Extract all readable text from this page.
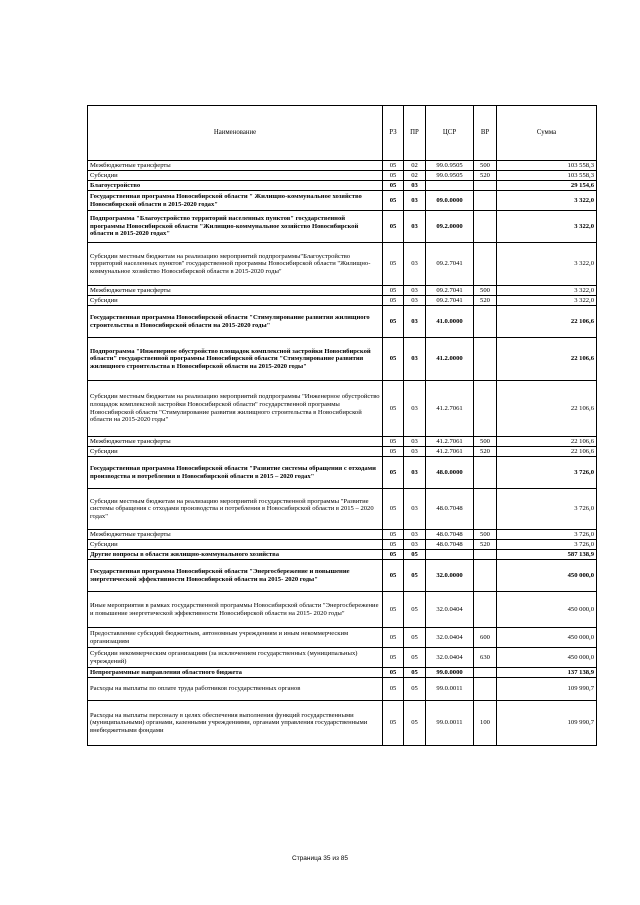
Наименование	РЗ	ПР	ЦСР	ВР	Сумма
Межбюджетные трансферты	05	02	99.0.9505	500	103 558,3
Субсидии	05	02	99.0.9505	520	103 558,3
Благоустройство	05	03			29 154,6
Государственная программа Новосибирской области " Жилищно-коммунальное хозяйство Новосибирской области в 2015-2020 годах"	05	03	09.0.0000		3 322,0
Подпрограмма "Благоустройство территорий населенных пунктов" государственной программы Новосибирской области "Жилищно-коммунальное хозяйство Новосибирской области в 2015-2020 годах"	05	03	09.2.0000		3 322,0
Субсидии местным бюджетам на реализацию мероприятий подпрограммы"Благоустройство территорий населенных пунктов" государственной программы Новосибирской области "Жилищно-коммунальное хозяйство Новосибирской области в 2015-2020 годы"	05	03	09.2.7041		3 322,0
Межбюджетные трансферты	05	03	09.2.7041	500	3 322,0
Субсидии	05	03	09.2.7041	520	3 322,0
Государственная программа Новосибирской области "Стимулирование развития жилищного строительства в Новосибирской области на 2015-2020 годы"	05	03	41.0.0000		22 106,6
Подпрограмма "Инженерное обустройство площадок комплексной застройки Новосибирской области" государственной программы Новосибирской области "Стимулирование развития жилищного строительства в Новосибирской области на 2015-2020 годы"	05	03	41.2.0000		22 106,6
Субсидии местным бюджетам на реализацию мероприятий подпрограммы "Инженерное обустройство площадок комплексной застройки Новосибирской области" государственной программы Новосибирской области "Стимулирование развития жилищного строительства в Новосибирской области на 2015-2020 годы"	05	03	41.2.7061		22 106,6
Межбюджетные трансферты	05	03	41.2.7061	500	22 106,6
Субсидии	05	03	41.2.7061	520	22 106,6
Государственная программа Новосибирской области "Развитие системы обращения с отходами производства и потребления в Новосибирской области в 2015 – 2020 годах"	05	03	48.0.0000		3 726,0
Субсидии местным бюджетам на реализацию мероприятий государственной программы "Развитие системы обращения с отходами производства и потребления в Новосибирской области в 2015 – 2020 годах"	05	03	48.0.7048		3 726,0
Межбюджетные трансферты	05	03	48.0.7048	500	3 726,0
Субсидии	05	03	48.0.7048	520	3 726,0
Другие вопросы в области жилищно-коммунального хозяйства	05	05			587 138,9
Государственная программа Новосибирской области "Энергосбережение и повышение энергетической эффективности Новосибирской области на 2015- 2020 годы"	05	05	32.0.0000		450 000,0
Иные мероприятия в рамках государственной программы Новосибирской области "Энергосбережение и повышение энергетической эффективности Новосибирской области на 2015- 2020 годы"	05	05	32.0.0404		450 000,0
Предоставление субсидий бюджетным, автономным учреждениям и иным некоммерческим организациям	05	05	32.0.0404	600	450 000,0
Субсидии некоммерческим организациям (за исключением государственных (муниципальных) учреждений)	05	05	32.0.0404	630	450 000,0
Непрограммные направления областного бюджета	05	05	99.0.0000		137 138,9
Расходы на выплаты по оплате труда работников государственных органов	05	05	99.0.0011		109 990,7
Расходы на выплаты персоналу в целях обеспечения выполнения функций государственными (муниципальными) органами, казенными учреждениями, органами управления государственными внебюджетными фондами	05	05	99.0.0011	100	109 990,7
Страница 35 из 85
